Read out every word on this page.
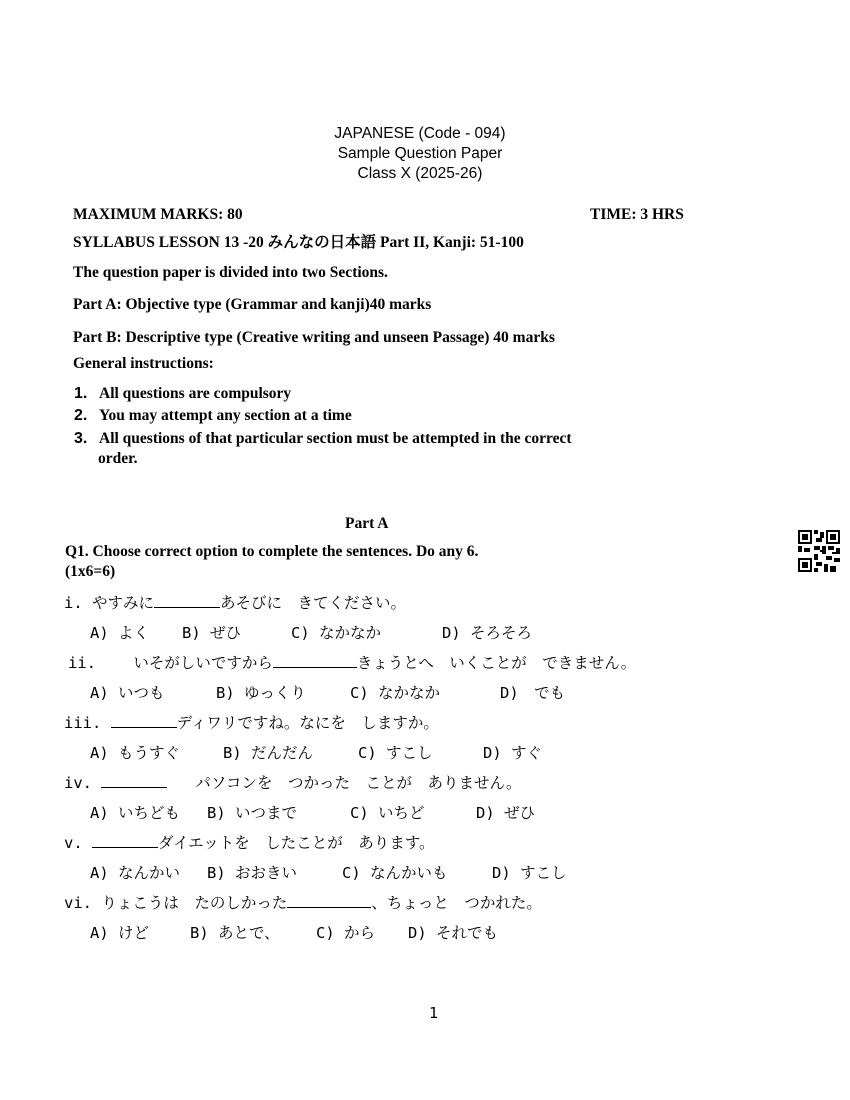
JAPANESE (Code - 094)
Sample Question Paper
Class X (2025-26)
MAXIMUM MARKS: 80	TIME: 3 HRS
SYLLABUS LESSON 13 -20 みんなの日本語 Part II, Kanji: 51-100
The question paper is divided into two Sections.
Part A: Objective type (Grammar and kanji)40 marks
Part B: Descriptive type (Creative writing and unseen Passage) 40 marks
General instructions:
1. All questions are compulsory
2. You may attempt any section at a time
3. All questions of that particular section must be attempted in the correct
order.
Part A
Q1. Choose correct option to complete the sentences. Do any 6.
(1x6=6)
i. やすみに	あそびに　きてください。
A) よく B) ぜひ	C) なかなか	D) そろそろ
ii. いそがしいですから	きょうとへ　いくことが　できません。
A) いつも	B) ゆっくり	C) なかなか	D)　でも
iii.	ディワリですね。なにを　しますか。
A) もうすぐ	B) だんだん	C) すこし	D) すぐ
iv.	パソコンを　つかった　ことが　ありません。
A) いちども B) いつまで	C) いちど	D) ぜひ
v.	ダイエットを　したことが　あります。
A) なんかい B) おおきい	C) なんかいも	D) すこし
vi. りょこうは　たのしかった	、ちょっと　つかれた。
A) けど	B) あとで、 C) から D) それでも
1
